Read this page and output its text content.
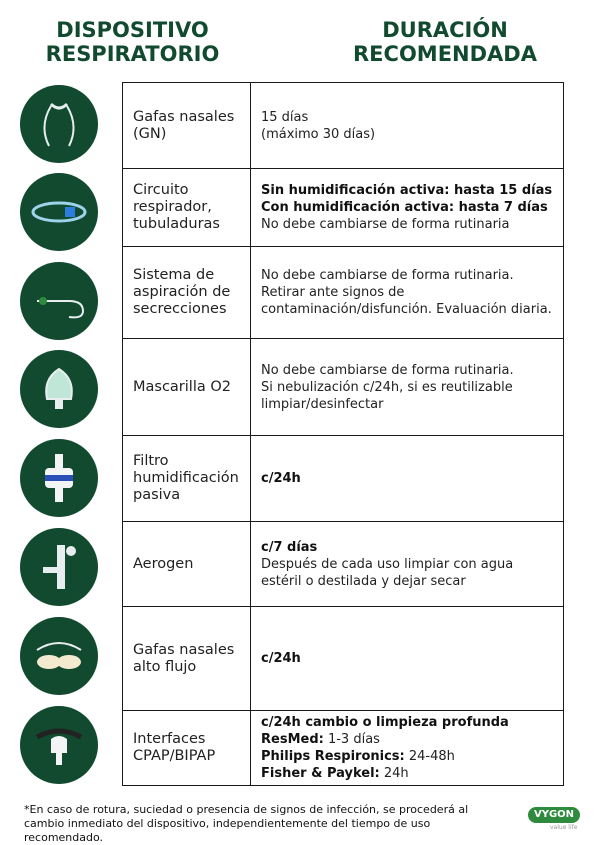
DISPOSITIVO RESPIRATORIO
DURACIÓN RECOMENDADA
Gafas nasales (GN)	15 días
(máximo 30 días)

Circuito respirador, tubuladuras	Sin humidificación activa: hasta 15 días
Con humidificación activa: hasta 7 días
No debe cambiarse de forma rutinaria

Sistema de aspiración de secrecciones	No debe cambiarse de forma rutinaria. Retirar ante signos de contaminación/disfunción. Evaluación diaria.

Mascarilla O2	No debe cambiarse de forma rutinaria.
Si nebulización c/24h, si es reutilizable limpiar/desinfectar

Filtro humidificación pasiva	c/24h

Aerogen	c/7 días
Después de cada uso limpiar con agua estéril o destilada y dejar secar

Gafas nasales alto flujo	c/24h

Interfaces CPAP/BIPAP	c/24h cambio o limpieza profunda
ResMed: 1-3 días
Philips Respironics: 24-48h
Fisher & Paykel: 24h
*En caso de rotura, suciedad o presencia de signos de infección, se procederá al cambio inmediato del dispositivo, independientemente del tiempo de uso recomendado.
VYGON
value life
